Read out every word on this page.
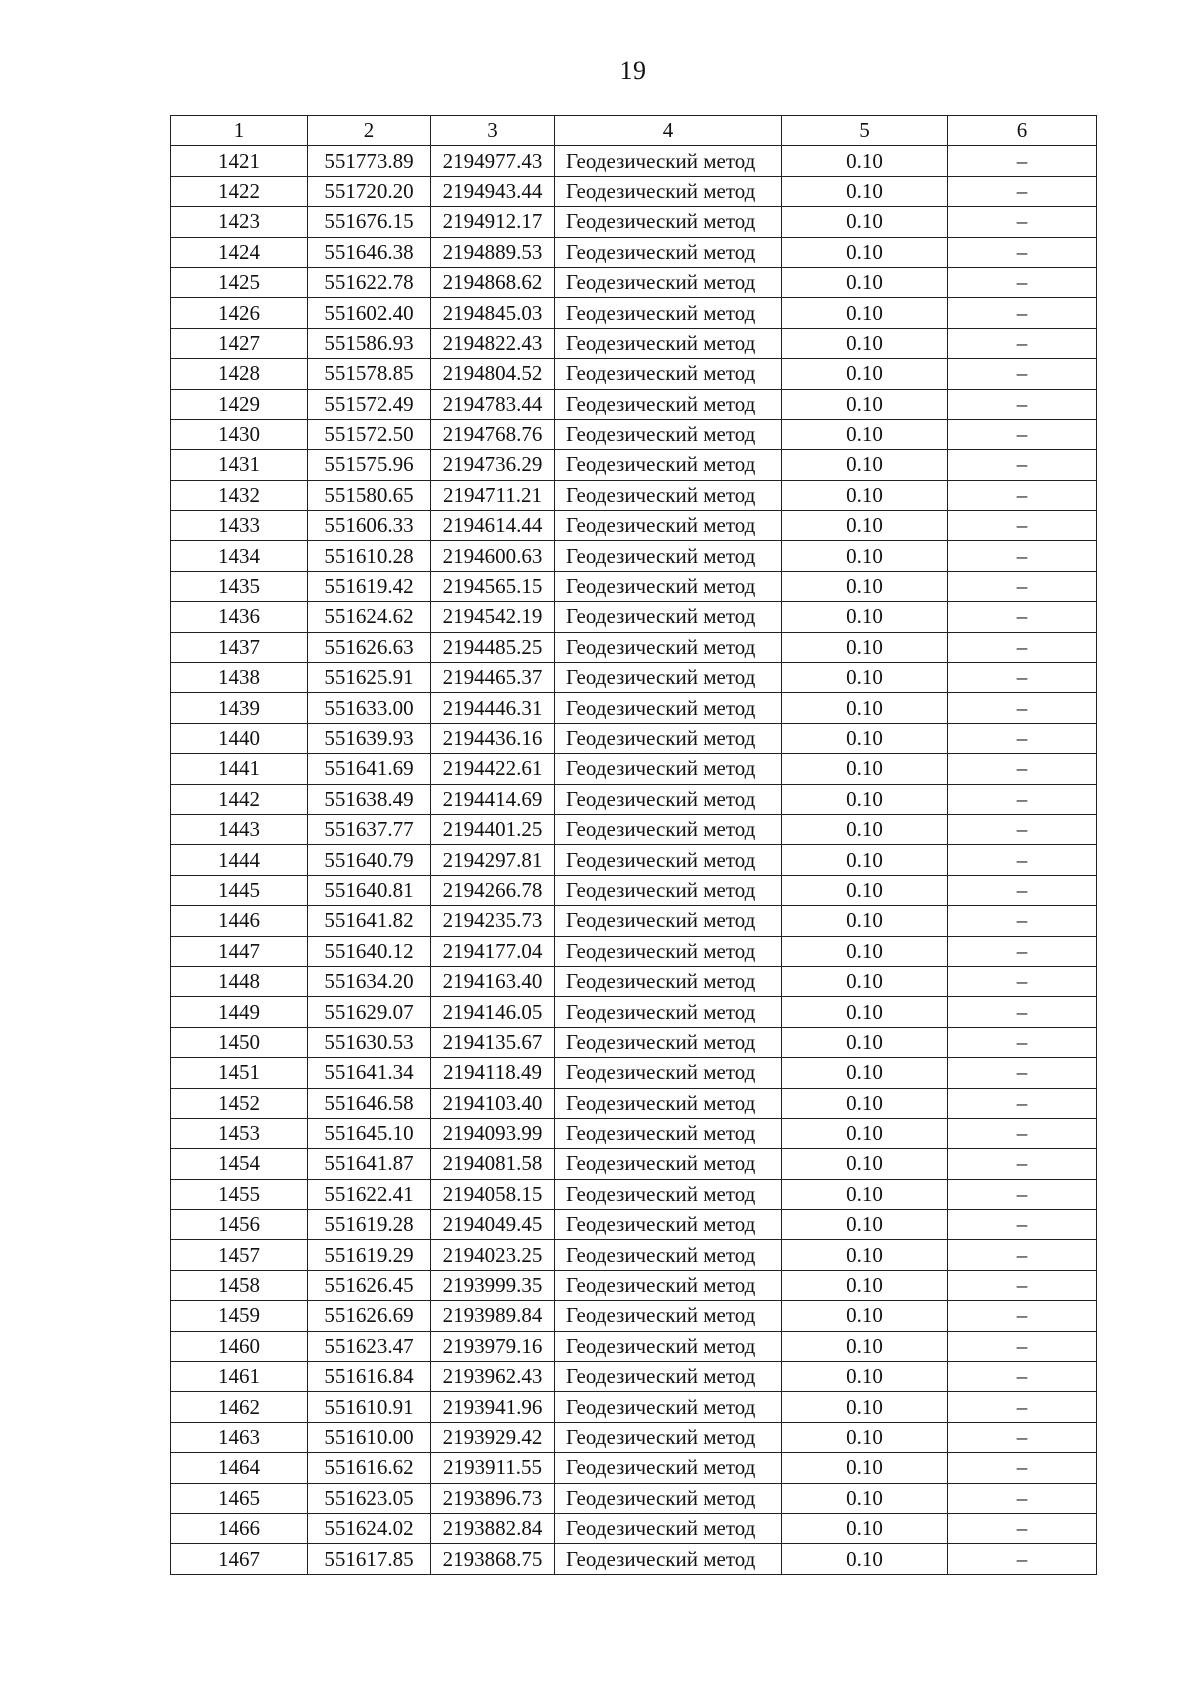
19
1	2	3	4	5	6
1421	551773.89	2194977.43	Геодезический метод	0.10	–
1422	551720.20	2194943.44	Геодезический метод	0.10	–
1423	551676.15	2194912.17	Геодезический метод	0.10	–
1424	551646.38	2194889.53	Геодезический метод	0.10	–
1425	551622.78	2194868.62	Геодезический метод	0.10	–
1426	551602.40	2194845.03	Геодезический метод	0.10	–
1427	551586.93	2194822.43	Геодезический метод	0.10	–
1428	551578.85	2194804.52	Геодезический метод	0.10	–
1429	551572.49	2194783.44	Геодезический метод	0.10	–
1430	551572.50	2194768.76	Геодезический метод	0.10	–
1431	551575.96	2194736.29	Геодезический метод	0.10	–
1432	551580.65	2194711.21	Геодезический метод	0.10	–
1433	551606.33	2194614.44	Геодезический метод	0.10	–
1434	551610.28	2194600.63	Геодезический метод	0.10	–
1435	551619.42	2194565.15	Геодезический метод	0.10	–
1436	551624.62	2194542.19	Геодезический метод	0.10	–
1437	551626.63	2194485.25	Геодезический метод	0.10	–
1438	551625.91	2194465.37	Геодезический метод	0.10	–
1439	551633.00	2194446.31	Геодезический метод	0.10	–
1440	551639.93	2194436.16	Геодезический метод	0.10	–
1441	551641.69	2194422.61	Геодезический метод	0.10	–
1442	551638.49	2194414.69	Геодезический метод	0.10	–
1443	551637.77	2194401.25	Геодезический метод	0.10	–
1444	551640.79	2194297.81	Геодезический метод	0.10	–
1445	551640.81	2194266.78	Геодезический метод	0.10	–
1446	551641.82	2194235.73	Геодезический метод	0.10	–
1447	551640.12	2194177.04	Геодезический метод	0.10	–
1448	551634.20	2194163.40	Геодезический метод	0.10	–
1449	551629.07	2194146.05	Геодезический метод	0.10	–
1450	551630.53	2194135.67	Геодезический метод	0.10	–
1451	551641.34	2194118.49	Геодезический метод	0.10	–
1452	551646.58	2194103.40	Геодезический метод	0.10	–
1453	551645.10	2194093.99	Геодезический метод	0.10	–
1454	551641.87	2194081.58	Геодезический метод	0.10	–
1455	551622.41	2194058.15	Геодезический метод	0.10	–
1456	551619.28	2194049.45	Геодезический метод	0.10	–
1457	551619.29	2194023.25	Геодезический метод	0.10	–
1458	551626.45	2193999.35	Геодезический метод	0.10	–
1459	551626.69	2193989.84	Геодезический метод	0.10	–
1460	551623.47	2193979.16	Геодезический метод	0.10	–
1461	551616.84	2193962.43	Геодезический метод	0.10	–
1462	551610.91	2193941.96	Геодезический метод	0.10	–
1463	551610.00	2193929.42	Геодезический метод	0.10	–
1464	551616.62	2193911.55	Геодезический метод	0.10	–
1465	551623.05	2193896.73	Геодезический метод	0.10	–
1466	551624.02	2193882.84	Геодезический метод	0.10	–
1467	551617.85	2193868.75	Геодезический метод	0.10	–
